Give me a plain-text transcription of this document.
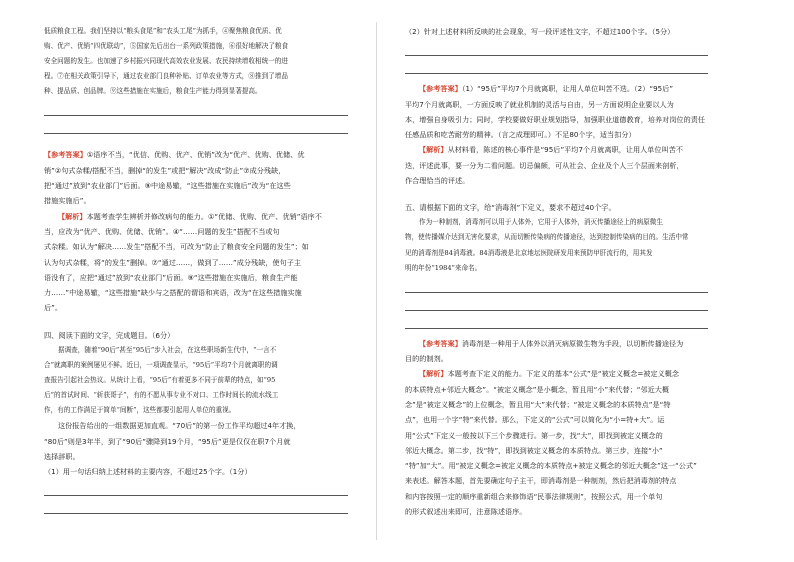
低质粮食工程。我们坚持以“粮头食尾”和“农头工尾”为抓手，④聚焦粮食优质、优

购、优产、优销“四优联动”，⑤国家先后出台一系列政策措施，⑥很好地解决了粮食

安全问题的发生。也加速了乡村振兴同现代高效农业发展、农民持续增收相统一的进

程。⑦在相关政策引导下，通过农业部门良种补贴、订单农业等方式，⑧推到了增品

种、提品质、创品牌。⑨这些措施在实施后，粮食生产能力得到显著提高。

【参考答案】①语序不当，“优信、优购、优产、优销”改为“优产、优购、优储、优

销”②句式杂糅/搭配不当，删掉“的发生”或把“解决”改成“防止”⑦成分残缺，

把“通过”放到“农业部门”后面。⑨中途易辙，“这些措施在实施后”改为“在这些

措施实施后”。

【解析】本题考查学生辨析并修改病句的能力。①“优储、优购、优产、优销”语序不

当，应改为“优产、优购、优储、优销”。④“……问题的发生”搭配不当或句

式杂糅。如认为“解决……发生”搭配不当，可改为“防止了粮食安全问题的发生”；如

认为句式杂糅，将“的发生”删掉。⑦“通过……，做到了……”成分残缺，使句子主

语没有了，应把“通过”放到“农业部门”后面。⑨“这些措施在实施后，粮食生产能

力……”中途易辙，“这些措施”缺少与之搭配的谓语和宾语，改为“在这些措施实施

后”。

四、阅读下面的文字，完成题目。（6分）

据调查，随着“90后”甚至“95后”步入社会，在这些职场新生代中，“一言不

合”就离职的案例屡见不鲜。近日，一项调查显示，“95后”平均7个月就离职的调

查报告引起社会热议。从统计上看，“95后”有着更多不同于前辈的特点，如“95

后”的首试时间、“斩获哥子”，有的不愿从事专业不对口、工作时间长的流水线工

作，有的工作满足于简单“间断”，这些都要引起用人单位的重视。

这份报告给出的一组数据更加直观。“70后”的第一份工作平均超过4年才换，

“80后”则是3年半，到了“90后”骤降到19个月，“95后”更是仅仅在职7个月就

选择辞职。

（1）用一句话归纳上述材料的主要内容，不超过25个字。（1分）

（2）针对上述材料所反映的社会现象，写一段评述性文字，不超过100个字。（5分）

【参考答案】（1）“95后”平均7个月就离职，让用人单位叫苦不迭。（2）“95后”

平均7个月就离职，一方面反映了就业机制的灵活与自由，另一方面说明企业要以人为

本，增强自身吸引力；同时，学校要做好职业规划指导，加强职业道德教育，培养对岗位的责任

任感品质和吃苦耐劳的精神。（言之成理即可。）不足80个字，适当扣分）

【解析】从材料看，陈述的核心事件是“95后”平均7个月就离职，让用人单位叫苦不

迭，评述此事，要一分为二看问题。切忌偏颇，可从社会、企业及个人三个层面来剖析，

作合理恰当的评述。

五、请根据下面的文字，给“消毒剂”下定义，要求不超过40个字。

作为一种制剂，消毒剂可以用于人体外，它用于人体外，消灭传播途径上的病原微生

物，使传播媒介达到无害化要求，从而切断传染病的传播途径，达到控制传染病的目的。生活中常

见的消毒剂是84消毒液。84消毒液是北京地坛医院研发用来预防甲肝流行的，用其发

明的年份“1984”来命名。

【参考答案】消毒剂是一种用于人体外以消灭病原微生物为手段，以切断传播途径为

目的的制剂。

【解析】本题考查下定义的能力。下定义的基本“公式”是“被定义概念=被定义概念

的本质特点+邻近大概念”。“被定义概念”是小概念，暂且用“小”来代替；“邻近大概

念”是“被定义概念”的上位概念，暂且用“大”来代替；“被定义概念的本质特点”是“特

点”，也用一个字“特”来代替。那么，下定义的“公式”可以简化为“小=特+大”。运

用“公式”下定义一般按以下三个步骤进行。第一步，找“大”，即找到被定义概念的

邻近大概念。第二步，找“特”，即找到被定义概念的本质特点。第三步，连接“小”

“特”加“大”。用“被定义概念=被定义概念的本质特点+被定义概念的邻近大概念”这一“公式”

来表述。解答本题，首先要确定句子主干，即消毒剂是一种制剂，然后把消毒剂的特点

和内容按照一定的顺序重新组合来修饰语“民事法律规则”，按照公式，用一个单句

的形式叙述出来即可，注意陈述语序。
